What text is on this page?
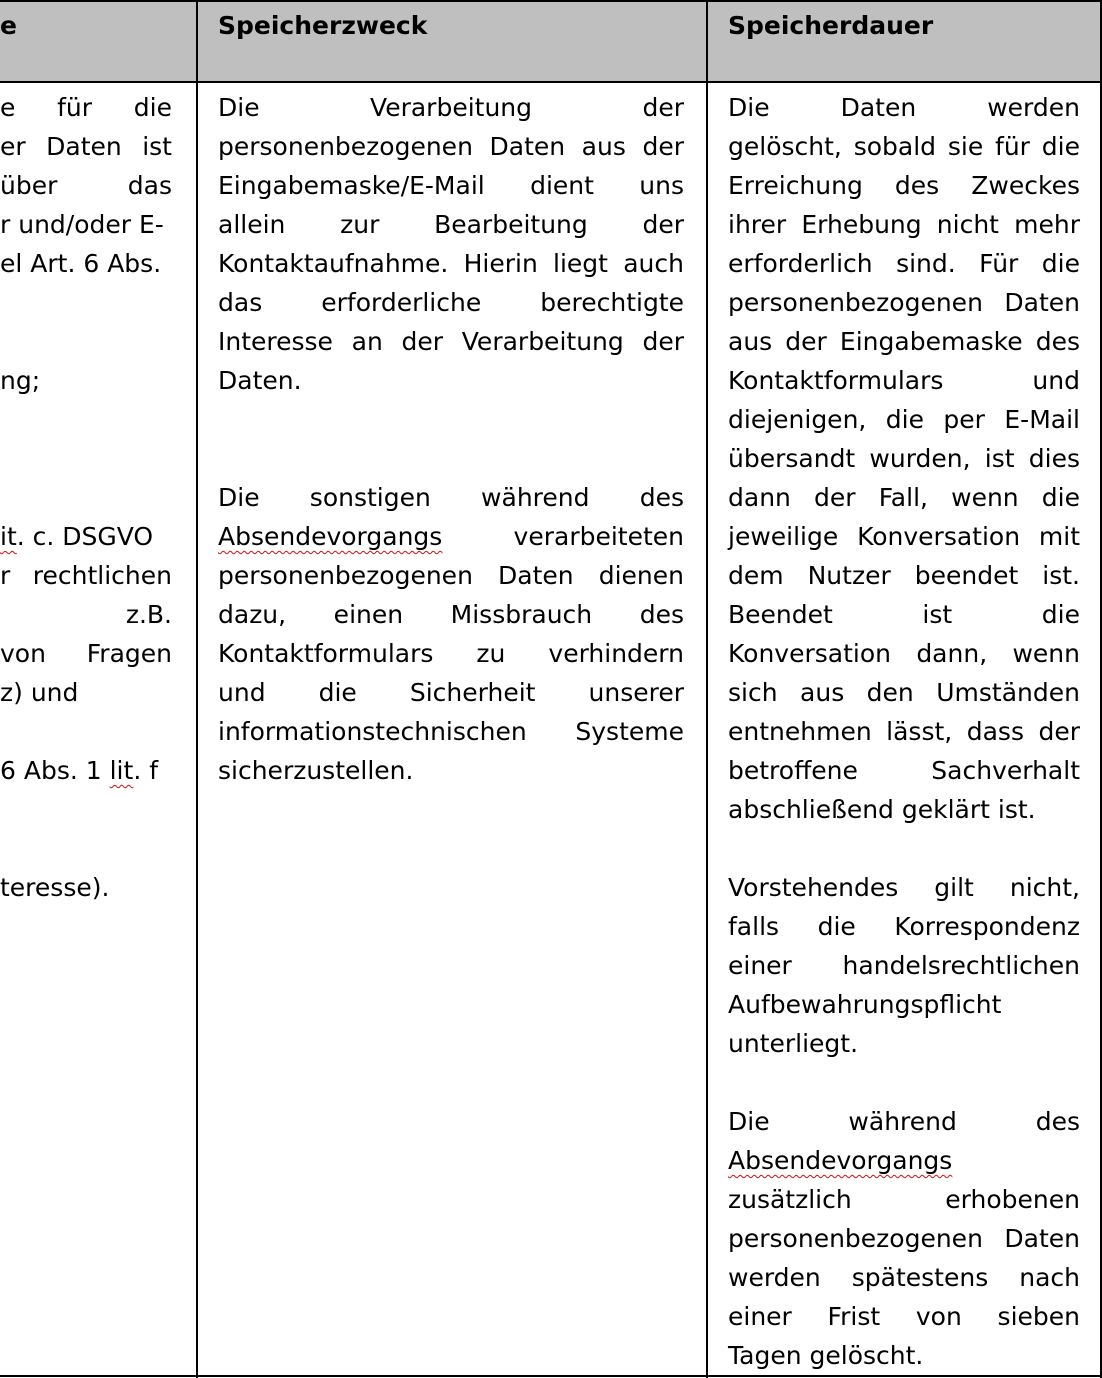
e	Speicherzweck	Speicherdauer

e für die

er Daten ist

über das

r und/oder E-

el Art. 6 Abs.

ng;

it. c. DSGVO

r rechtlichen

z.B.

von Fragen

z) und

6 Abs. 1 lit. f

teresse).

Die Verarbeitung der

personenbezogenen Daten aus der

Eingabemaske/E-Mail dient uns

allein zur Bearbeitung der

Kontaktaufnahme. Hierin liegt auch

das erforderliche berechtigte

Interesse an der Verarbeitung der

Daten.

Die sonstigen während des

Absendevorgangs verarbeiteten

personenbezogenen Daten dienen

dazu, einen Missbrauch des

Kontaktformulars zu verhindern

und die Sicherheit unserer

informationstechnischen Systeme

sicherzustellen.

Die Daten werden

gelöscht, sobald sie für die

Erreichung des Zweckes

ihrer Erhebung nicht mehr

erforderlich sind. Für die

personenbezogenen Daten

aus der Eingabemaske des

Kontaktformulars und

diejenigen, die per E-Mail

übersandt wurden, ist dies

dann der Fall, wenn die

jeweilige Konversation mit

dem Nutzer beendet ist.

Beendet ist die

Konversation dann, wenn

sich aus den Umständen

entnehmen lässt, dass der

betroffene Sachverhalt

abschließend geklärt ist.

Vorstehendes gilt nicht,

falls die Korrespondenz

einer handelsrechtlichen

Aufbewahrungspflicht

unterliegt.

Die während des

Absendevorgangs

zusätzlich erhobenen

personenbezogenen Daten

werden spätestens nach

einer Frist von sieben

Tagen gelöscht.
